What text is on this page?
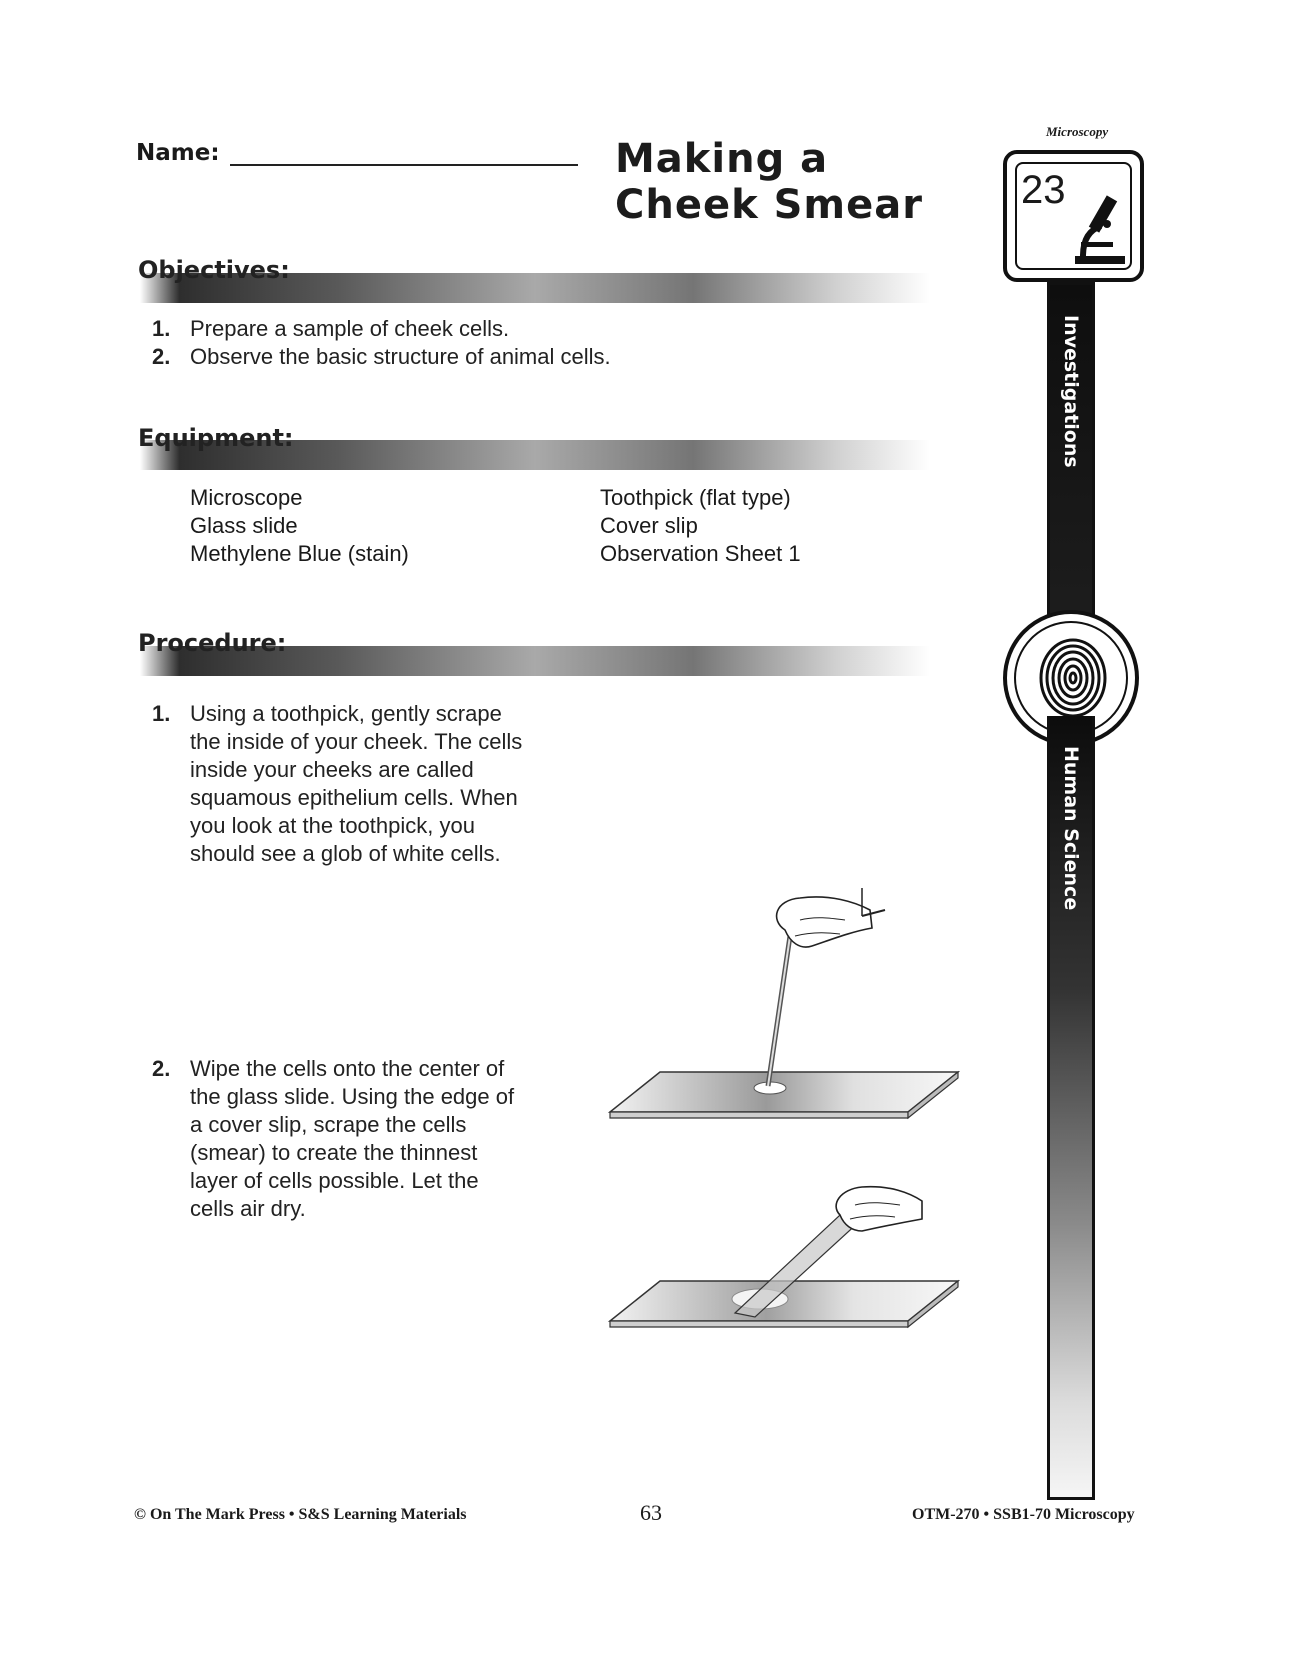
Name:	Making a
Cheek Smear
Objectives:
1. Prepare a sample of cheek cells.
2. Observe the basic structure of animal cells.
Equipment:
Microscope
Glass slide
Methylene Blue (stain)
Toothpick (flat type)
Cover slip
Observation Sheet 1
Procedure:
1. Using a toothpick, gently scrape
the inside of your cheek. The cells
inside your cheeks are called
squamous epithelium cells. When
you look at the toothpick, you
should see a glob of white cells.
2. Wipe the cells onto the center of
the glass slide. Using the edge of
a cover slip, scrape the cells
(smear) to create the thinnest
layer of cells possible. Let the
cells air dry.
Microscopy
23
Investigations
Human Science
© On The Mark Press • S&S Learning Materials	63	OTM-270 • SSB1-70 Microscopy
